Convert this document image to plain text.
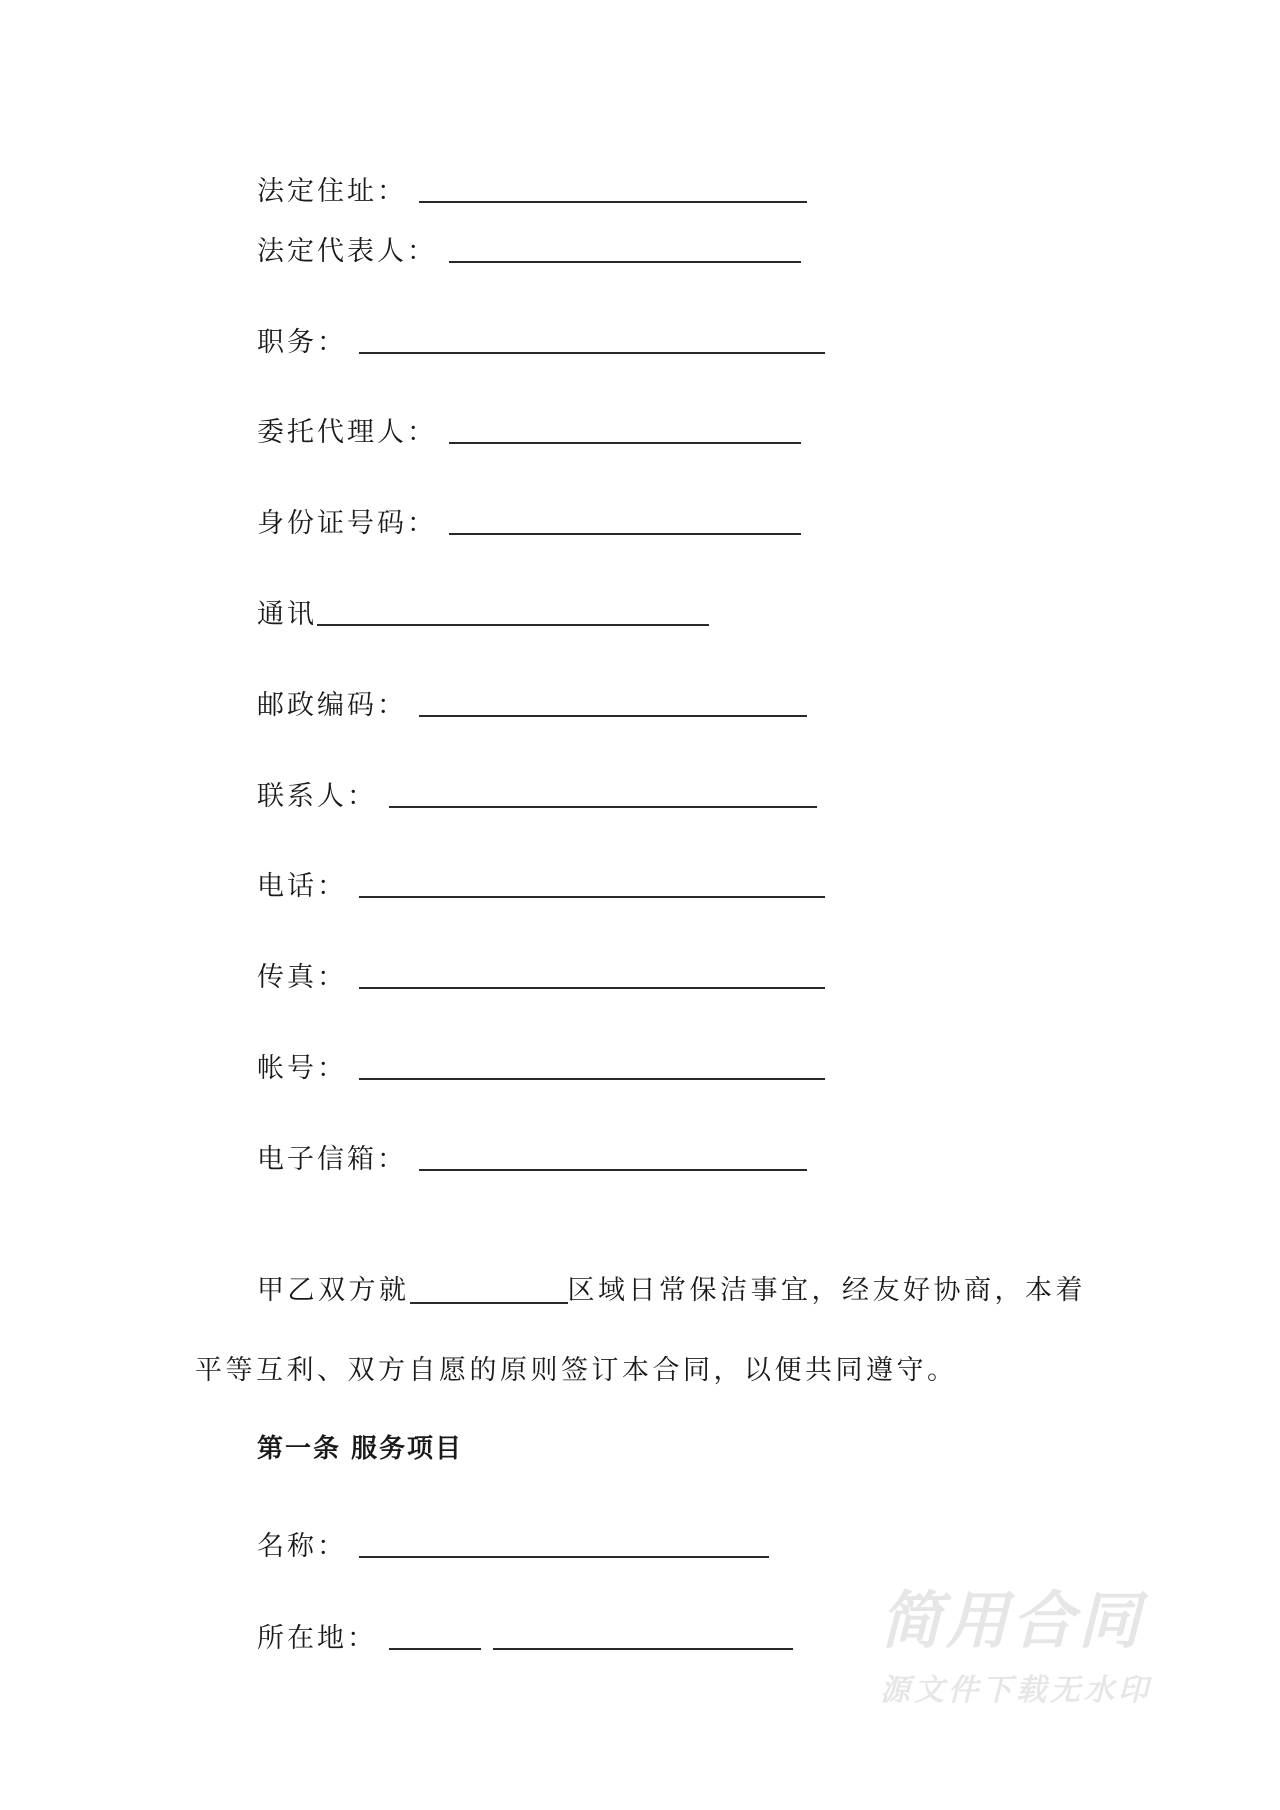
法定住址：
法定代表人：
职务：
委托代理人：
身份证号码：
通讯
邮政编码：
联系人：
电话：
传真：
帐号：
电子信箱：
甲乙双方就	区域日常保洁事宜，经友好协商，本着
平等互利、双方自愿的原则签订本合同，以便共同遵守。
第一条 服务项目
名称：
所在地：	简用合同
源文件下载无水印
